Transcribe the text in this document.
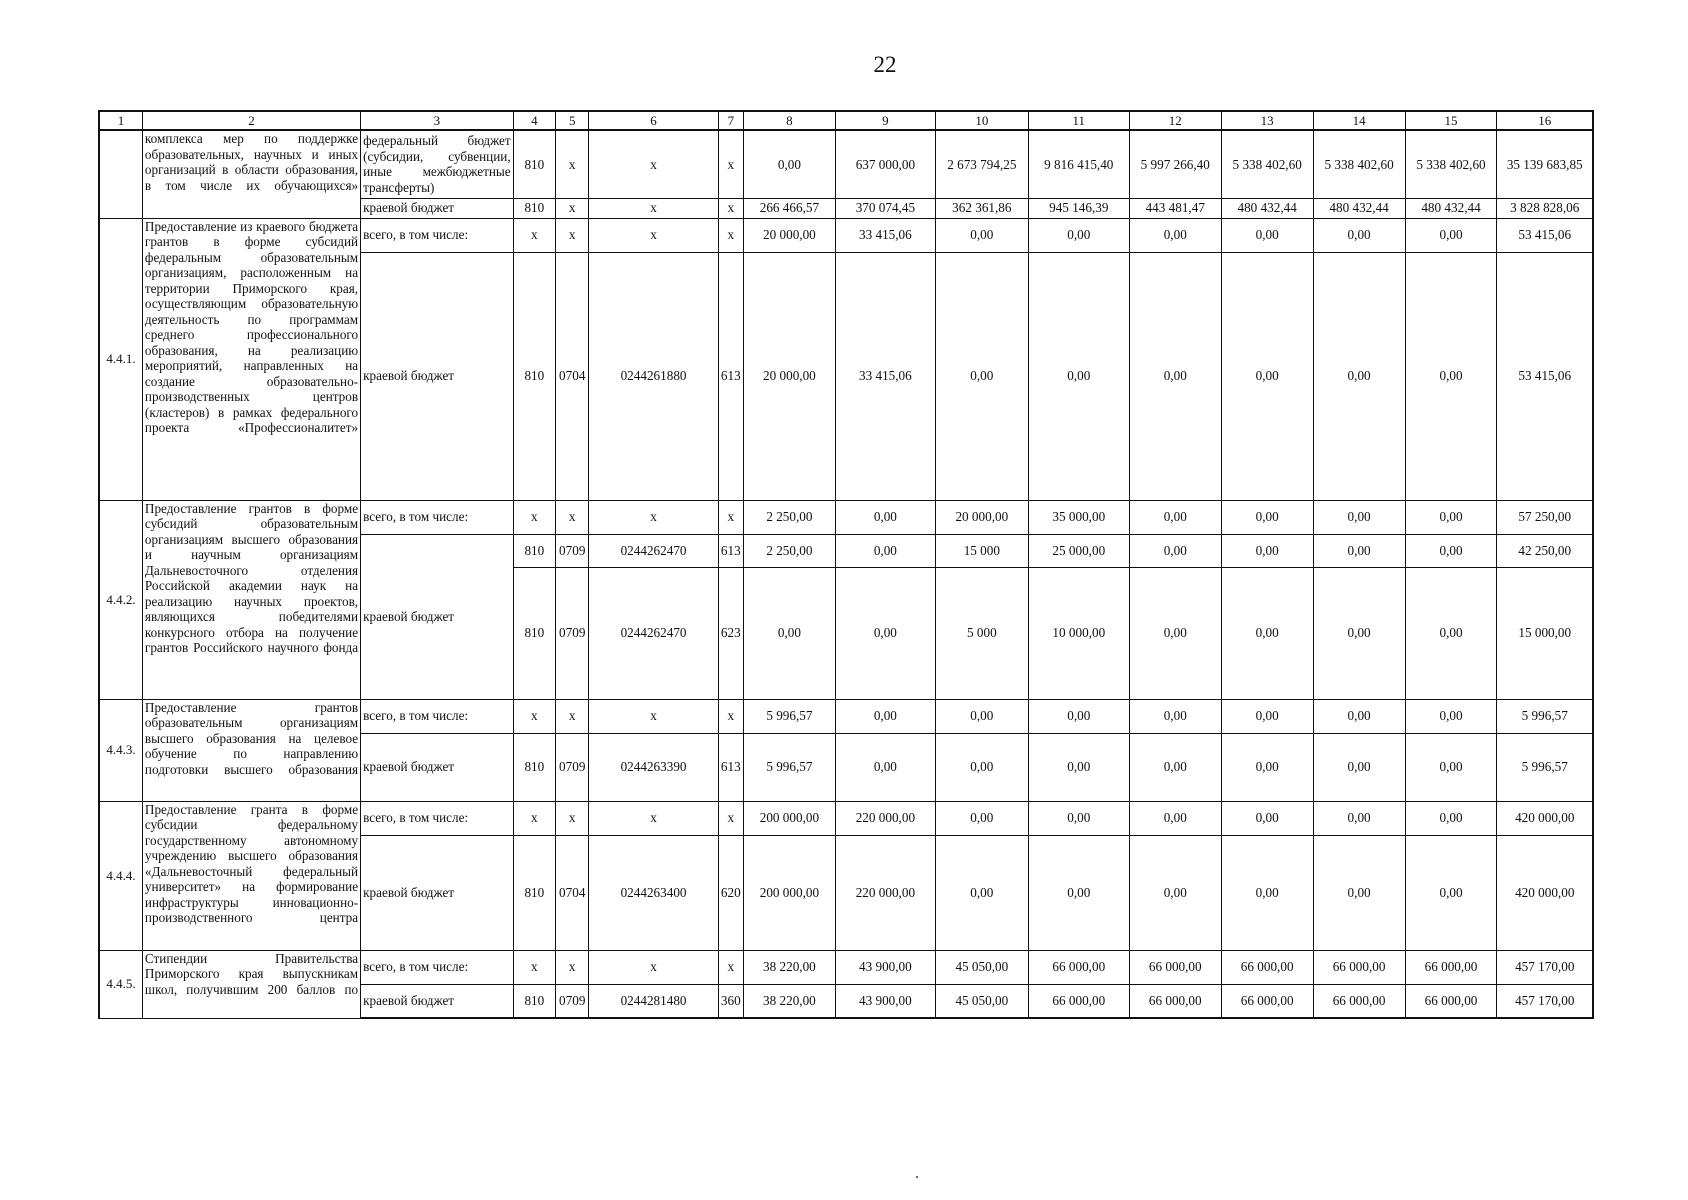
22
1	2	3	4	5	6	7	8	9	10	11	12	13	14	15	16
	комплекса мер по поддержке образовательных, научных и иных организаций в области образования, в том числе их обучающихся»	федеральный бюджет (субсидии, субвенции, иные межбюджетные трансферты)	810	х	х	х	0,00	637 000,00	2 673 794,25	9 816 415,40	5 997 266,40	5 338 402,60	5 338 402,60	5 338 402,60	35 139 683,85
		краевой бюджет	810	х	х	х	266 466,57	370 074,45	362 361,86	945 146,39	443 481,47	480 432,44	480 432,44	480 432,44	3 828 828,06
4.4.1.	Предоставление из краевого бюджета грантов в форме субсидий федеральным образовательным организациям, расположенным на территории Приморского края, осуществляющим образовательную деятельность по программам среднего профессионального образования, на реализацию мероприятий, направленных на создание образовательно-производственных центров (кластеров) в рамках федерального проекта «Профессионалитет»	всего, в том числе:	х	х	х	х	20 000,00	33 415,06	0,00	0,00	0,00	0,00	0,00	0,00	53 415,06
		краевой бюджет	810	0704	0244261880	613	20 000,00	33 415,06	0,00	0,00	0,00	0,00	0,00	0,00	53 415,06
4.4.2.	Предоставление грантов в форме субсидий образовательным организациям высшего образования и научным организациям Дальневосточного отделения Российской академии наук на реализацию научных проектов, являющихся победителями конкурсного отбора на получение грантов Российского научного фонда	всего, в том числе:	х	х	х	х	2 250,00	0,00	20 000,00	35 000,00	0,00	0,00	0,00	0,00	57 250,00
		краевой бюджет	810	0709	0244262470	613	2 250,00	0,00	15 000	25 000,00	0,00	0,00	0,00	0,00	42 250,00
			810	0709	0244262470	623	0,00	0,00	5 000	10 000,00	0,00	0,00	0,00	0,00	15 000,00
4.4.3.	Предоставление грантов образовательным организациям высшего образования на целевое обучение по направлению подготовки высшего образования	всего, в том числе:	х	х	х	х	5 996,57	0,00	0,00	0,00	0,00	0,00	0,00	0,00	5 996,57
		краевой бюджет	810	0709	0244263390	613	5 996,57	0,00	0,00	0,00	0,00	0,00	0,00	0,00	5 996,57
4.4.4.	Предоставление гранта в форме субсидии федеральному государственному автономному учреждению высшего образования «Дальневосточный федеральный университет» на формирование инфраструктуры инновационно-производственного центра	всего, в том числе:	х	х	х	х	200 000,00	220 000,00	0,00	0,00	0,00	0,00	0,00	0,00	420 000,00
		краевой бюджет	810	0704	0244263400	620	200 000,00	220 000,00	0,00	0,00	0,00	0,00	0,00	0,00	420 000,00
4.4.5.	Стипендии Правительства Приморского края выпускникам школ, получившим 200 баллов по	всего, в том числе:	х	х	х	х	38 220,00	43 900,00	45 050,00	66 000,00	66 000,00	66 000,00	66 000,00	66 000,00	457 170,00
		краевой бюджет	810	0709	0244281480	360	38 220,00	43 900,00	45 050,00	66 000,00	66 000,00	66 000,00	66 000,00	66 000,00	457 170,00
